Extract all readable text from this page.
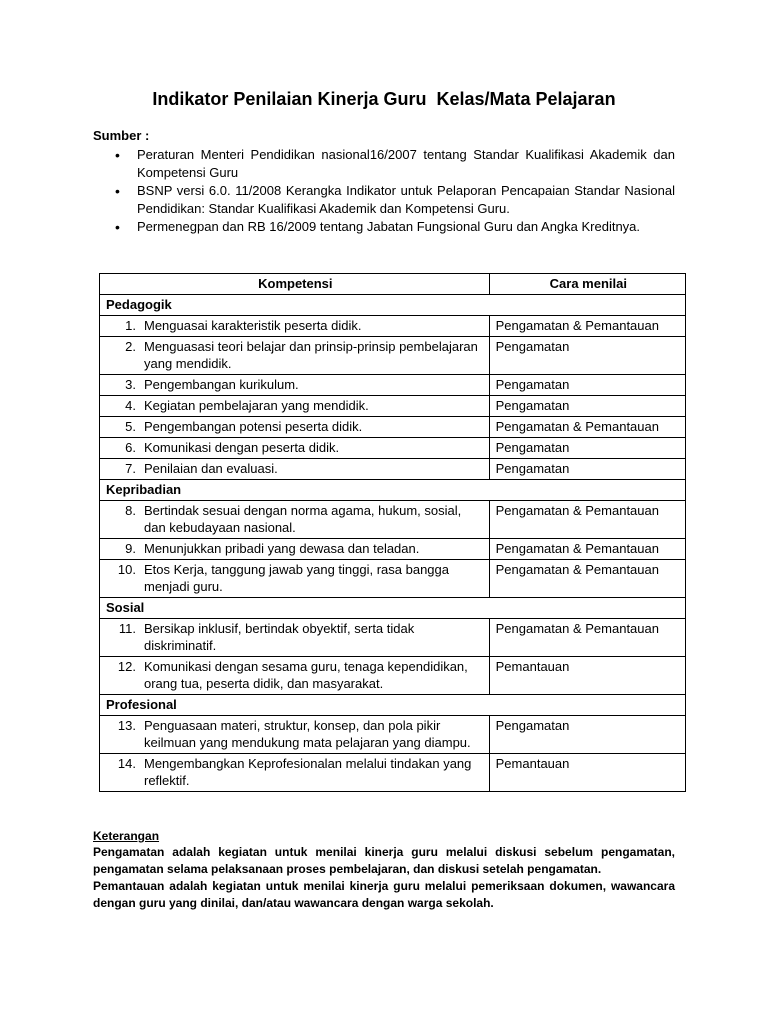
Indikator Penilaian Kinerja Guru  Kelas/Mata Pelajaran
Sumber :
• Peraturan Menteri Pendidikan nasional16/2007 tentang Standar Kualifikasi Akademik dan Kompetensi Guru
• BSNP versi 6.0. 11/2008 Kerangka Indikator untuk Pelaporan Pencapaian Standar Nasional Pendidikan: Standar Kualifikasi Akademik dan Kompetensi Guru.
• Permenegpan dan RB 16/2009 tentang Jabatan Fungsional Guru dan Angka Kreditnya.
Kompetensi	Cara menilai
Pedagogik	

1. Menguasai karakteristik peserta didik.	Pengamatan & Pemantauan

2. Menguasasi teori belajar dan prinsip-prinsip pembelajaran yang mendidik.	Pengamatan

3. Pengembangan kurikulum.	Pengamatan

4. Kegiatan pembelajaran yang mendidik.	Pengamatan

5. Pengembangan potensi peserta didik.	Pengamatan & Pemantauan

6. Komunikasi dengan peserta didik.	Pengamatan

7. Penilaian dan evaluasi.	Pengamatan
Kepribadian	

8. Bertindak sesuai dengan norma agama, hukum, sosial, dan kebudayaan nasional.	Pengamatan & Pemantauan

9. Menunjukkan pribadi yang dewasa dan teladan.	Pengamatan & Pemantauan

10. Etos Kerja, tanggung jawab yang tinggi, rasa bangga menjadi guru.	Pengamatan & Pemantauan
Sosial	

11. Bersikap inklusif, bertindak obyektif, serta tidak diskriminatif.	Pengamatan & Pemantauan

12. Komunikasi dengan sesama guru, tenaga kependidikan, orang tua, peserta didik, dan masyarakat.	Pemantauan
Profesional	

13. Penguasaan materi, struktur, konsep, dan pola pikir keilmuan yang mendukung mata pelajaran yang diampu.	Pengamatan

14. Mengembangkan Keprofesionalan melalui tindakan yang reflektif.	Pemantauan
Keterangan

Pengamatan adalah kegiatan untuk menilai kinerja guru melalui diskusi sebelum pengamatan, pengamatan selama pelaksanaan proses pembelajaran, dan diskusi setelah pengamatan.

Pemantauan adalah kegiatan untuk menilai kinerja guru melalui pemeriksaan dokumen, wawancara dengan guru yang dinilai, dan/atau wawancara dengan warga sekolah.
